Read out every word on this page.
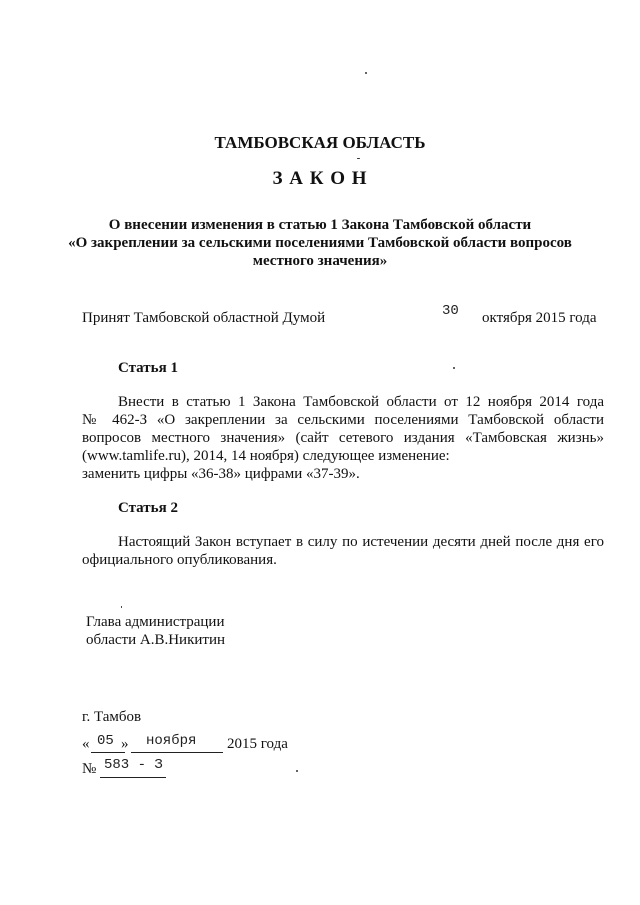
ТАМБОВСКАЯ ОБЛАСТЬ
З А К О Н
О внесении изменения в статью 1 Закона Тамбовской области
«О закреплении за сельскими поселениями Тамбовской области вопросов
местного значения»
Принят Тамбовской областной Думой	30 октября 2015 года
Статья 1
Внести в статью 1 Закона Тамбовской области от 12 ноября 2014 года
№ 462-З «О закреплении за сельскими поселениями Тамбовской области
вопросов местного значения» (сайт сетевого издания «Тамбовская жизнь»
(www.tamlife.ru), 2014, 14 ноября) следующее изменение:
заменить цифры «36-38» цифрами «37-39».
Статья 2
Настоящий Закон вступает в силу по истечении десяти дней после дня его
официального опубликования.
Глава администрации
области А.В.Никитин
г. Тамбов
« 05 » ноября 2015 года
№ 583 - З
